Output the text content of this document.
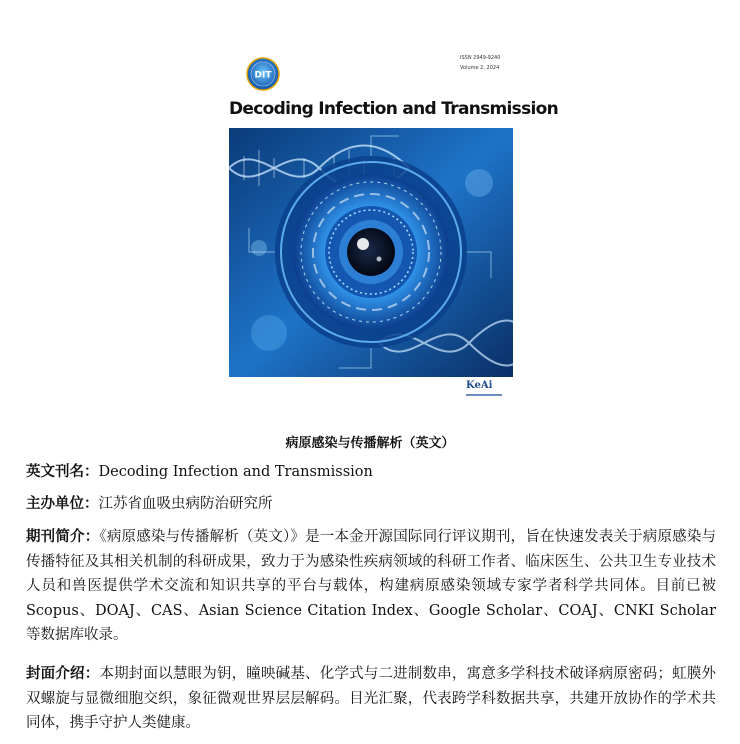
DIT
ISSN 2949-9240
Volume 2, 2024
Decoding Infection and Transmission
KeAi
病原感染与传播解析（英文）

英文刊名：Decoding Infection and Transmission

主办单位：江苏省血吸虫病防治研究所

期刊简介：《病原感染与传播解析（英文）》是一本金开源国际同行评议期刊，旨在快速发表关于病原感染与传播特征及其相关机制的科研成果，致力于为感染性疾病领域的科研工作者、临床医生、公共卫生专业技术人员和兽医提供学术交流和知识共享的平台与载体，构建病原感染领域专家学者科学共同体。目前已被 Scopus、DOAJ、CAS、Asian Science Citation Index、Google Scholar、COAJ、CNKI Scholar 等数据库收录。

封面介绍：本期封面以慧眼为钥，瞳映碱基、化学式与二进制数串，寓意多学科技术破译病原密码；虹膜外双螺旋与显微细胞交织，象征微观世界层层解码。目光汇聚，代表跨学科数据共享，共建开放协作的学术共同体，携手守护人类健康。
